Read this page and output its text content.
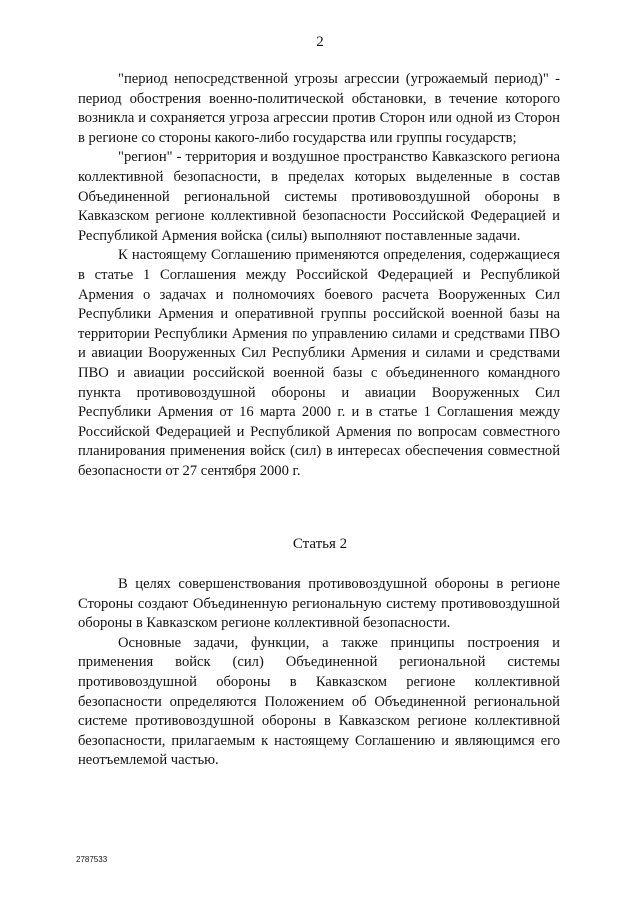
2

"период непосредственной угрозы агрессии (угрожаемый период)" - период обострения военно-политической обстановки, в течение которого возникла и сохраняется угроза агрессии против Сторон или одной из Сторон в регионе со стороны какого-либо государства или группы государств;

"регион" - территория и воздушное пространство Кавказского региона коллективной безопасности, в пределах которых выделенные в состав Объединенной региональной системы противовоздушной обороны в Кавказском регионе коллективной безопасности Российской Федерацией и Республикой Армения войска (силы) выполняют поставленные задачи.

К настоящему Соглашению применяются определения, содержащиеся в статье 1 Соглашения между Российской Федерацией и Республикой Армения о задачах и полномочиях боевого расчета Вооруженных Сил Республики Армения и оперативной группы российской военной базы на территории Республики Армения по управлению силами и средствами ПВО и авиации Вооруженных Сил Республики Армения и силами и средствами ПВО и авиации российской военной базы с объединенного командного пункта противовоздушной обороны и авиации Вооруженных Сил Республики Армения от 16 марта 2000 г. и в статье 1 Соглашения между Российской Федерацией и Республикой Армения по вопросам совместного планирования применения войск (сил) в интересах обеспечения совместной безопасности от 27 сентября 2000 г.

Статья 2

В целях совершенствования противовоздушной обороны в регионе Стороны создают Объединенную региональную систему противовоздушной обороны в Кавказском регионе коллективной безопасности.

Основные задачи, функции, а также принципы построения и применения войск (сил) Объединенной региональной системы противовоздушной обороны в Кавказском регионе коллективной безопасности определяются Положением об Объединенной региональной системе противовоздушной обороны в Кавказском регионе коллективной безопасности, прилагаемым к настоящему Соглашению и являющимся его неотъемлемой частью.

2787533
